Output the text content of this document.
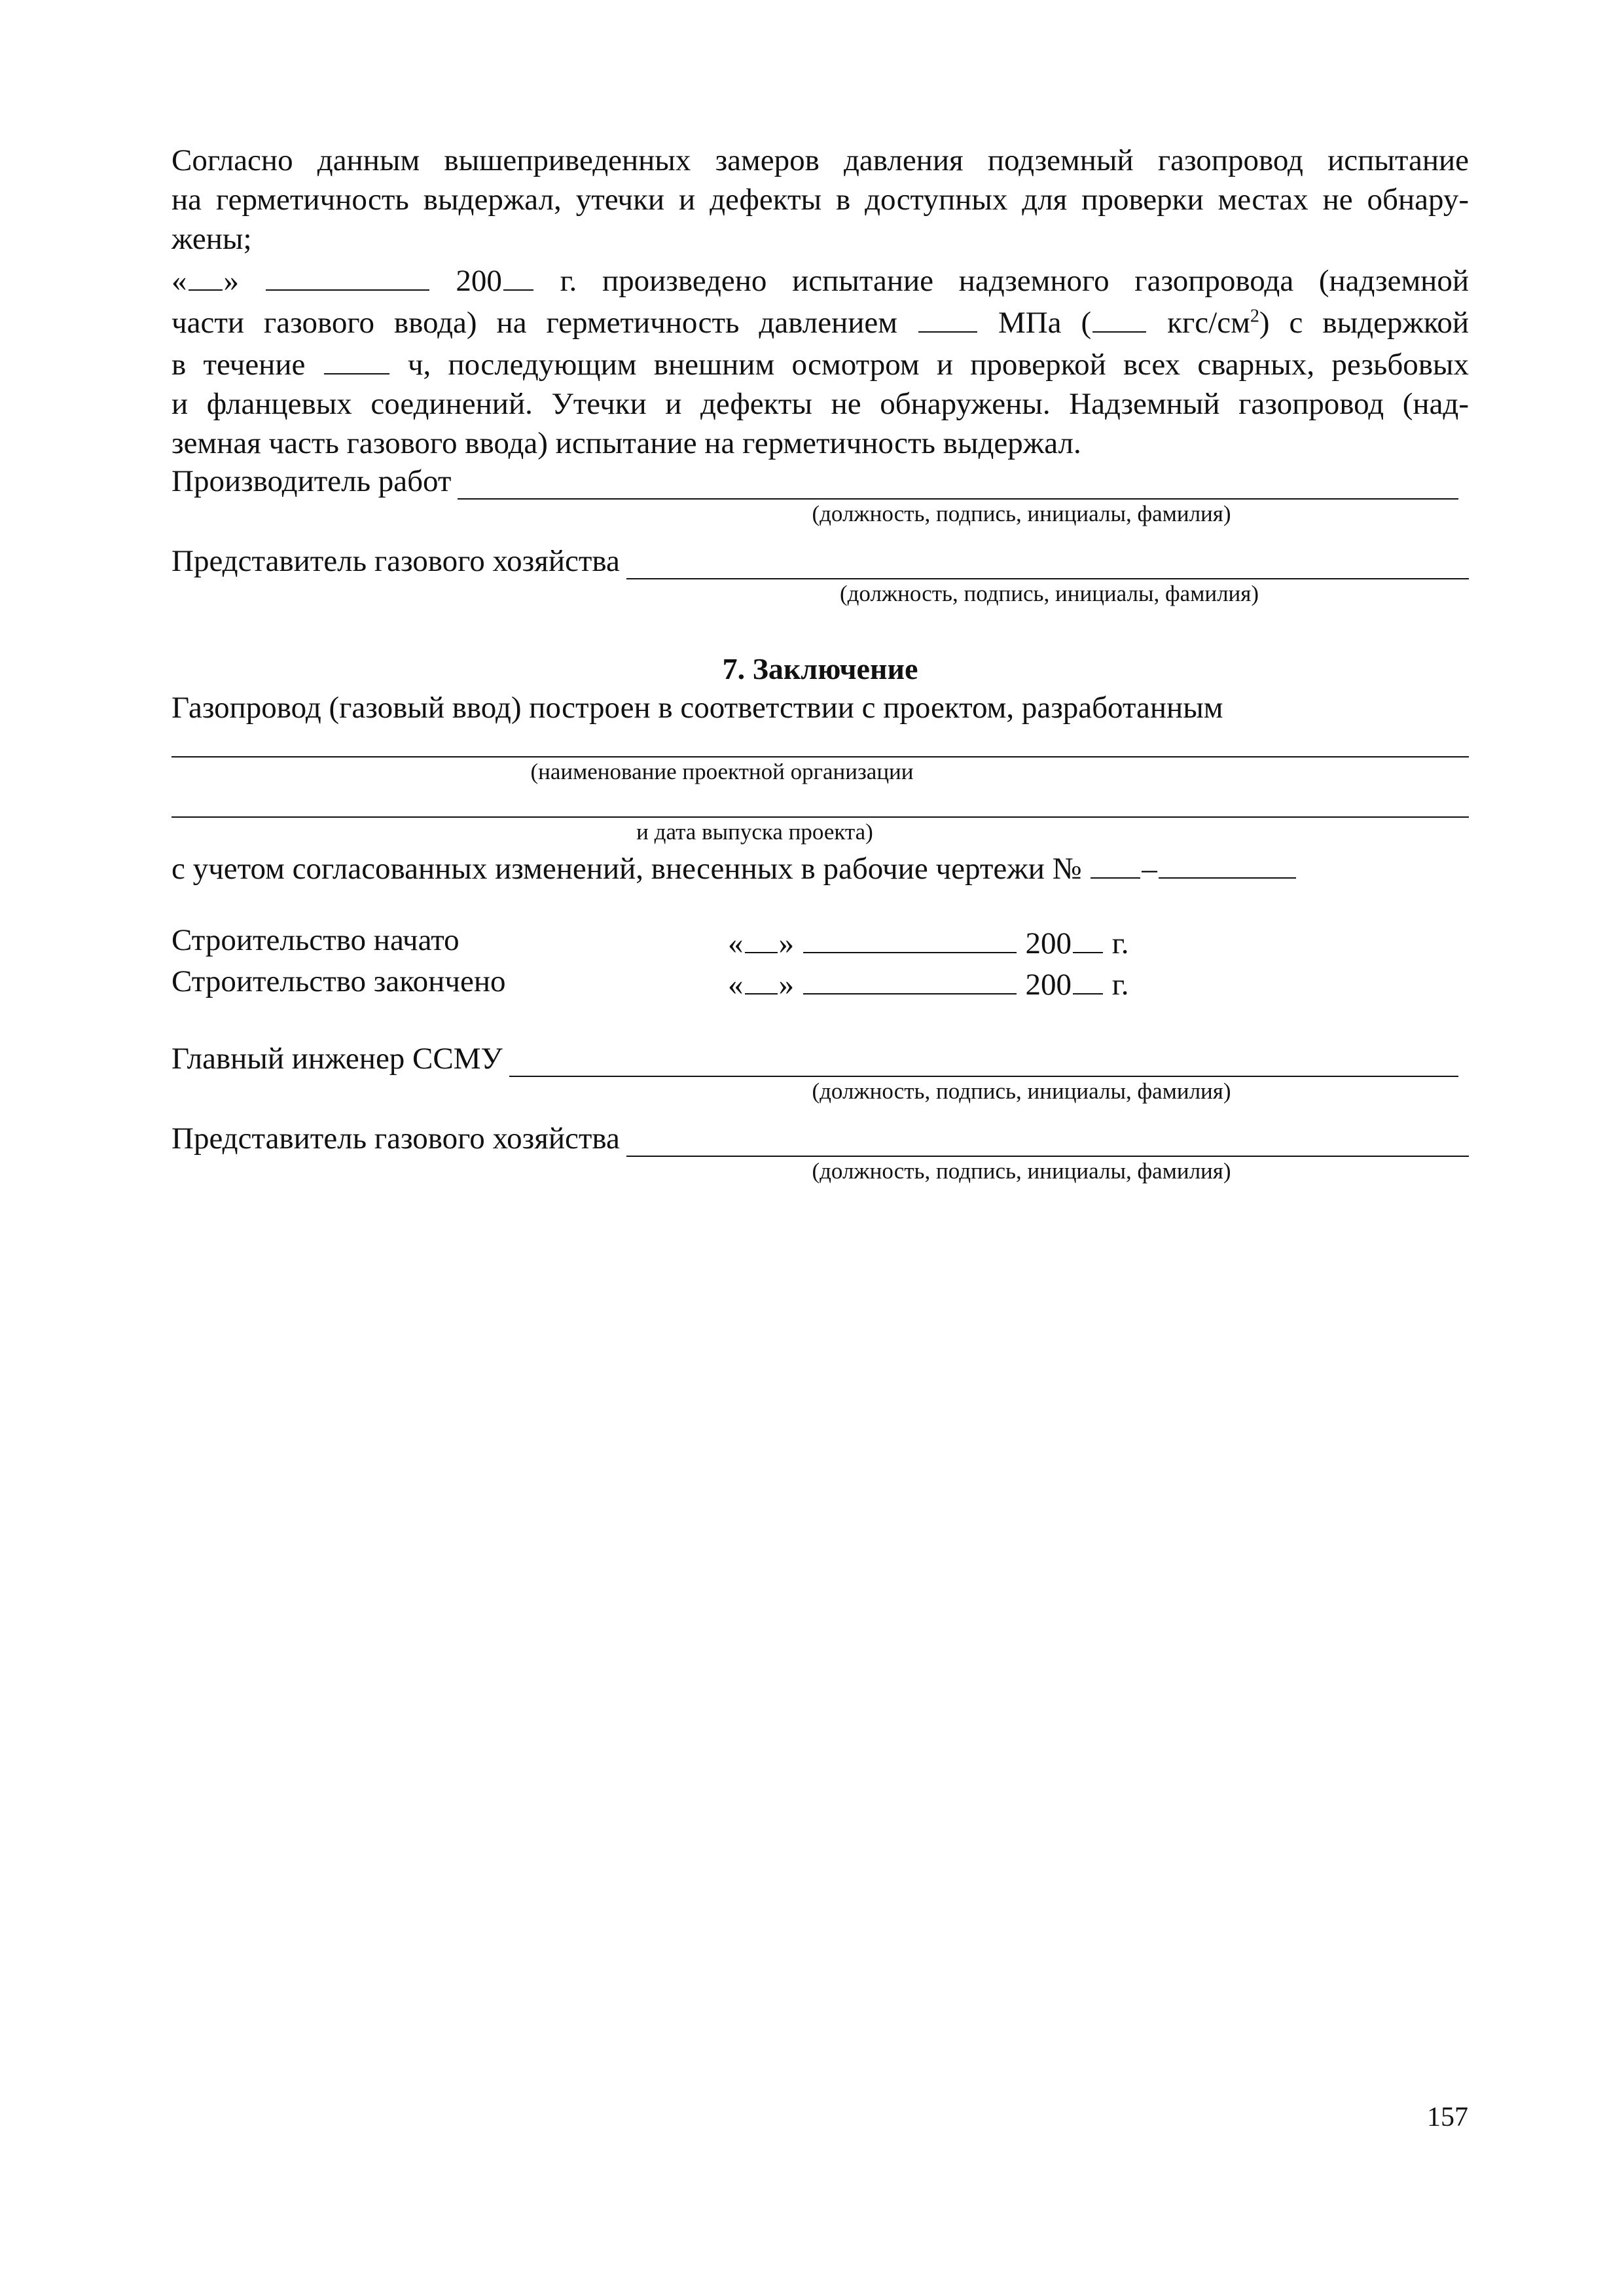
Согласно данным вышеприведенных замеров давления подземный газопровод испытание
на герметичность выдержал, утечки и дефекты в доступных для проверки местах не обнару-
жены;
« »	200 г. произведено испытание надземного газопровода (надземной
части газового ввода) на герметичность давлением	МПа ( кгс/$см^2$) с выдержкой
в течение	ч, последующим внешним осмотром и проверкой всех сварных, резьбовых
и фланцевых соединений. Утечки и дефекты не обнаружены. Надземный газопровод (над-
земная часть газового ввода) испытание на герметичность выдержал.
Производитель работ
(должность, подпись, инициалы, фамилия)
Представитель газового хозяйства
(должность, подпись, инициалы, фамилия)
7. Заключение
Газопровод (газовый ввод) построен в соответствии с проектом, разработанным
(наименование проектной организации
и дата выпуска проекта)
с учетом согласованных изменений, внесенных в рабочие чертежи № –
Строительство начато	« »	200 г.
Строительство закончено	« »	200 г.
Главный инженер ССМУ
(должность, подпись, инициалы, фамилия)
Представитель газового хозяйства
(должность, подпись, инициалы, фамилия)
157
